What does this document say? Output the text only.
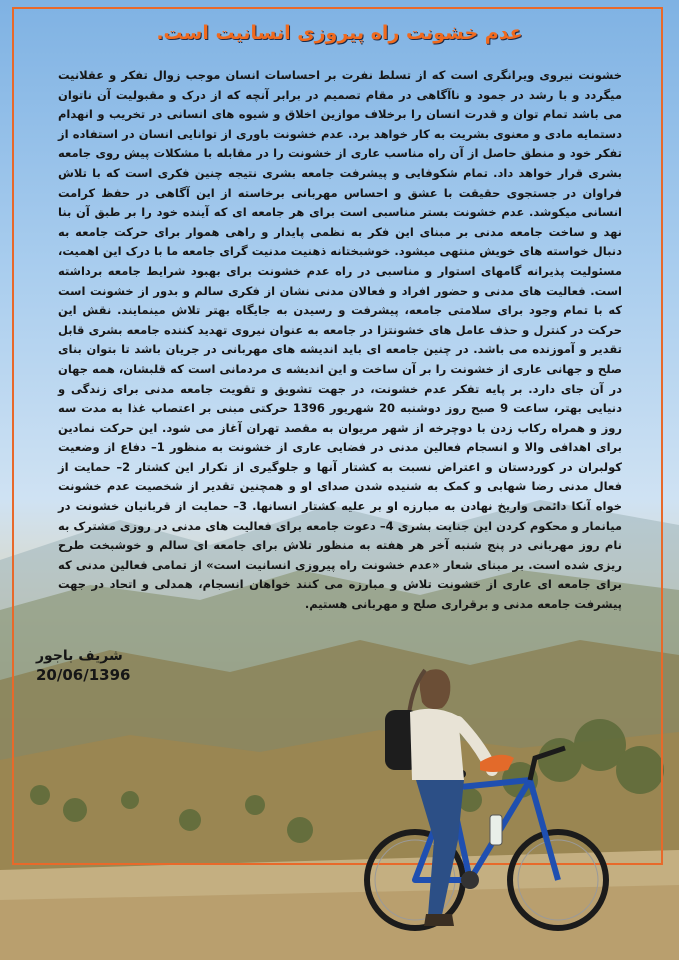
عدم خشونت راه پیروزی انسانیت است.

خشونت نیروی ویرانگری است که از تسلط نفرت بر احساسات انسان موجب زوال تفکر و عقلانیت میگردد و با رشد در جمود و ناآگاهی در مقام تصمیم در برابر آنچه که از درک و مقبولیت آن ناتوان می باشد تمام توان و قدرت انسان را برخلاف موازین اخلاق و شیوه های انسانی در تخریب و انهدام دستمایه مادی و معنوی بشریت به کار خواهد برد. عدم خشونت باوری از توانایی انسان در استفاده از تفکر خود و منطق حاصل از آن راه مناسب عاری از خشونت را در مقابله با مشکلات پیش روی جامعه بشری قرار خواهد داد. تمام شکوفایی و پیشرفت جامعه بشری نتیجه چنین فکری است که با تلاش فراوان در جستجوی حقیقت با عشق و احساس مهربانی برخاسته از این آگاهی در حفظ کرامت انسانی میکوشد. عدم خشونت بستر مناسبی است برای هر جامعه ای که آینده خود را بر طبق آن بنا نهد و ساخت جامعه مدنی بر مبنای این فکر به نظمی پایدار و راهی هموار برای حرکت جامعه به دنبال خواسته های خویش منتهی میشود. خوشبختانه ذهنیت مدنیت گرای جامعه ما با درک این اهمیت، مسئولیت پذیرانه گامهای استوار و مناسبی در راه عدم خشونت برای بهبود شرایط جامعه برداشته است. فعالیت های مدنی و حضور افراد و فعالان مدنی نشان از فکری سالم و بدور از خشونت است که با تمام وجود برای سلامتی جامعه، پیشرفت و رسیدن به جایگاه بهتر تلاش مینمایند. نقش این حرکت در کنترل و حذف عامل های خشونتزا در جامعه به عنوان نیروی تهدید کننده جامعه بشری قابل تقدیر و آموزنده می باشد. در چنین جامعه ای باید اندیشه های مهربانی در جریان باشد تا بتوان بنای صلح و جهانی عاری از خشونت را بر آن ساخت و این اندیشه ی مردمانی است که قلبشان، همه جهان در آن جای دارد. بر پایه تفکر عدم خشونت، در جهت تشویق و تقویت جامعه مدنی برای زندگی و دنیایی بهتر، ساعت 9 صبح روز دوشنبه 20 شهریور 1396 حرکتی مبنی بر اعتصاب غذا به مدت سه روز و همراه رکاب زدن با دوچرخه از شهر مریوان به مقصد تهران آغاز می شود. این حرکت نمادین برای اهدافی والا و انسجام فعالین مدنی در فضایی عاری از خشونت به منظور 1– دفاع از وضعیت کولبران در کوردستان و اعتراض نسبت به کشتار آنها و جلوگیری از تکرار این کشتار 2– حمایت از فعال مدنی رضا شهابی و کمک به شنیده شدن صدای او و همچنین تقدیر از شخصیت عدم خشونت خواه آنکا دائمی واریخ نهادن به مبارزه او بر علیه کشتار انسانها. 3– حمایت از قربانیان خشونت در میانمار و محکوم کردن این جنایت بشری 4– دعوت جامعه برای فعالیت های مدنی در روزی مشترک به نام روز مهربانی در پنج شنبه آخر هر هفته به منظور تلاش برای جامعه ای سالم و خوشبخت طرح ریزی شده است. بر مبنای شعار «عدم خشونت راه پیروزی انسانیت است» از تمامی فعالین مدنی که برای جامعه ای عاری از خشونت تلاش و مبارزه می کنند خواهان انسجام، همدلی و اتحاد در جهت پیشرفت جامعه مدنی و برقراری صلح و مهربانی هستیم.

شریف باجور
20/06/1396
